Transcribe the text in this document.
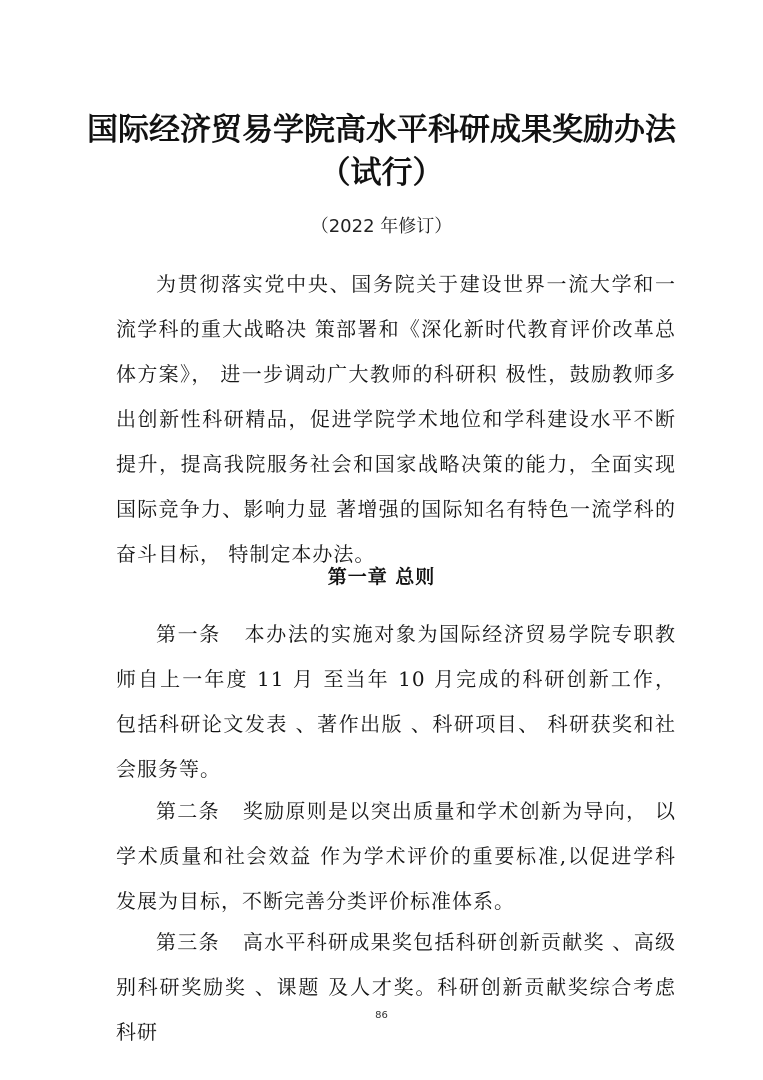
国际经济贸易学院高水平科研成果奖励办法
（试行）
（2022 年修订）
为贯彻落实党中央、国务院关于建设世界一流大学和一流学科的重大战略决 策部署和《深化新时代教育评价改革总体方案》， 进一步调动广大教师的科研积 极性，鼓励教师多出创新性科研精品，促进学院学术地位和学科建设水平不断提升，提高我院服务社会和国家战略决策的能力，全面实现国际竞争力、影响力显 著增强的国际知名有特色一流学科的奋斗目标， 特制定本办法。
第一章 总则
第一条 本办法的实施对象为国际经济贸易学院专职教师自上一年度 11 月 至当年 10 月完成的科研创新工作， 包括科研论文发表 、著作出版 、科研项目、 科研获奖和社会服务等。
第二条 奖励原则是以突出质量和学术创新为导向， 以学术质量和社会效益 作为学术评价的重要标准,以促进学科发展为目标，不断完善分类评价标准体系。
第三条 高水平科研成果奖包括科研创新贡献奖 、高级别科研奖励奖 、课题 及人才奖。科研创新贡献奖综合考虑科研
86
